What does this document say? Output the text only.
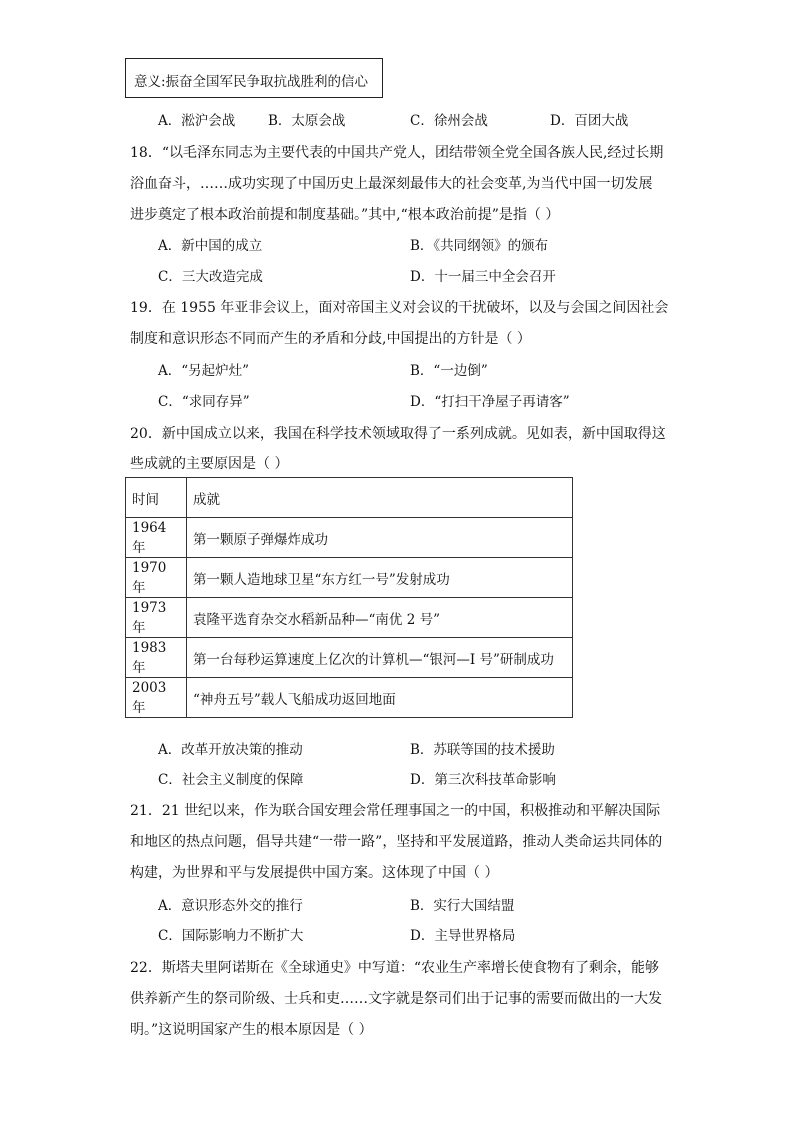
意义:振奋全国军民争取抗战胜利的信心
A．淞沪会战 B．太原会战	C．徐州会战	D．百团大战
18．“以毛泽东同志为主要代表的中国共产党人，团结带领全党全国各族人民,经过长期
浴血奋斗，……成功实现了中国历史上最深刻最伟大的社会变革,为当代中国一切发展
进步奠定了根本政治前提和制度基础。”其中,“根本政治前提”是指（ ）
A．新中国的成立	B．《共同纲领》的颁布
C．三大改造完成	D．十一届三中全会召开
19．在 1955 年亚非会议上，面对帝国主义对会议的干扰破坏，以及与会国之间因社会
制度和意识形态不同而产生的矛盾和分歧,中国提出的方针是（ ）
A．“另起炉灶”	B．“一边倒”
C．“求同存异”	D．“打扫干净屋子再请客”
20．新中国成立以来，我国在科学技术领域取得了一系列成就。见如表，新中国取得这
些成就的主要原因是（ ）
时间	成就
1964 年	第一颗原子弹爆炸成功
1970 年	第一颗人造地球卫星“东方红一号”发射成功
1973 年	袁隆平选育杂交水稻新品种—“南优 2 号”
1983 年	第一台每秒运算速度上亿次的计算机—“银河—I 号”研制成功
2003 年	“神舟五号”载人飞船成功返回地面
A．改革开放决策的推动	B．苏联等国的技术援助
C．社会主义制度的保障	D．第三次科技革命影响
21．21 世纪以来，作为联合国安理会常任理事国之一的中国，积极推动和平解决国际
和地区的热点问题，倡导共建“一带一路”，坚持和平发展道路，推动人类命运共同体的
构建，为世界和平与发展提供中国方案。这体现了中国（ ）
A．意识形态外交的推行	B．实行大国结盟
C．国际影响力不断扩大	D．主导世界格局
22．斯塔夫里阿诺斯在《全球通史》中写道：“农业生产率增长使食物有了剩余，能够
供养新产生的祭司阶级、士兵和吏……文字就是祭司们出于记事的需要而做出的一大发
明。”这说明国家产生的根本原因是（ ）
